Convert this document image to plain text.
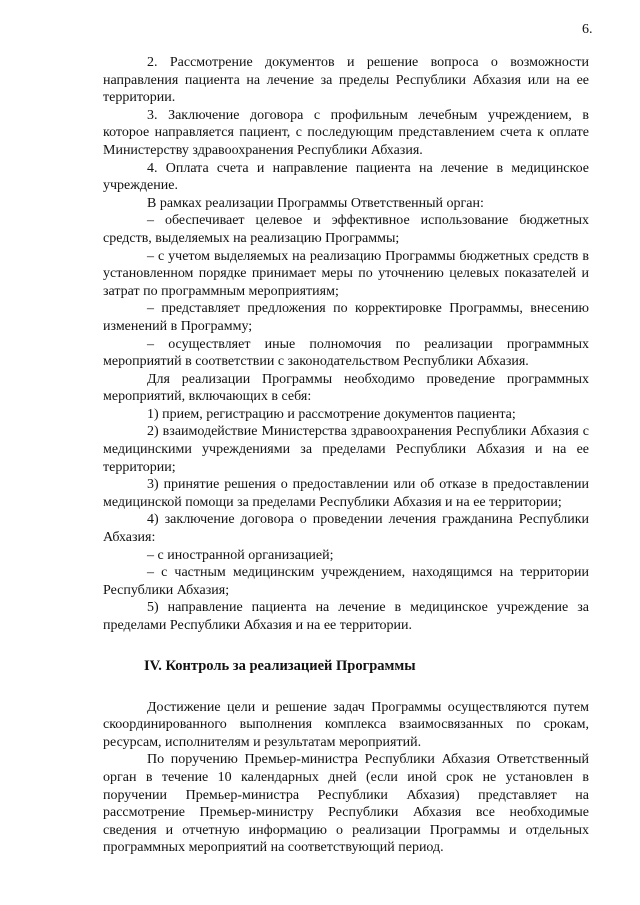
6.

2. Рассмотрение документов и решение вопроса о возможности направления пациента на лечение за пределы Республики Абхазия или на ее территории.

3. Заключение договора с профильным лечебным учреждением, в которое направляется пациент, с последующим представлением счета к оплате Министерству здравоохранения Республики Абхазия.

4. Оплата счета и направление пациента на лечение в медицинское учреждение.

В рамках реализации Программы Ответственный орган:

– обеспечивает целевое и эффективное использование бюджетных средств, выделяемых на реализацию Программы;

– с учетом выделяемых на реализацию Программы бюджетных средств в установленном порядке принимает меры по уточнению целевых показателей и затрат по программным мероприятиям;

– представляет предложения по корректировке Программы, внесению изменений в Программу;

– осуществляет иные полномочия по реализации программных мероприятий в соответствии с законодательством Республики Абхазия.

Для реализации Программы необходимо проведение программных мероприятий, включающих в себя:

1) прием, регистрацию и рассмотрение документов пациента;

2) взаимодействие Министерства здравоохранения Республики Абхазия с медицинскими учреждениями за пределами Республики Абхазия и на ее территории;

3) принятие решения о предоставлении или об отказе в предоставлении медицинской помощи за пределами Республики Абхазия и на ее территории;

4) заключение договора о проведении лечения гражданина Республики Абхазия:

– с иностранной организацией;

– с частным медицинским учреждением, находящимся на территории Республики Абхазия;

5) направление пациента на лечение в медицинское учреждение за пределами Республики Абхазия и на ее территории.

IV. Контроль за реализацией Программы

Достижение цели и решение задач Программы осуществляются путем скоординированного выполнения комплекса взаимосвязанных по срокам, ресурсам, исполнителям и результатам мероприятий.

По поручению Премьер-министра Республики Абхазия Ответственный орган в течение 10 календарных дней (если иной срок не установлен в поручении Премьер-министра Республики Абхазия) представляет на рассмотрение Премьер-министру Республики Абхазия все необходимые сведения и отчетную информацию о реализации Программы и отдельных программных мероприятий на соответствующий период.
